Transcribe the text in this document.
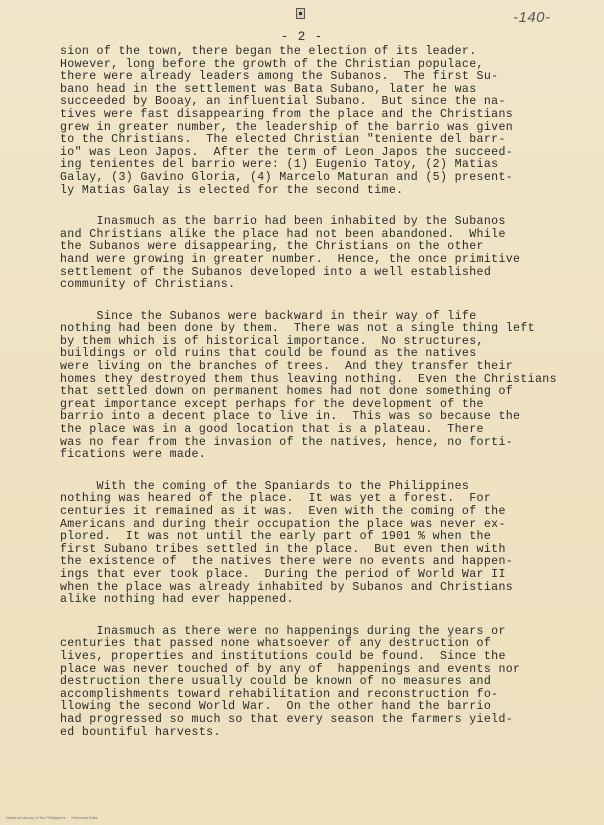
-140-
- 2 -
sion of the town, there began the election of its leader.
However, long before the growth of the Christian populace,
there were already leaders among the Subanos.  The first Su-
bano head in the settlement was Bata Subano, later he was
succeeded by Booay, an influential Subano.  But since the na-
tives were fast disappearing from the place and the Christians
grew in greater number, the leadership of the barrio was given
to the Christians.  The elected Christian "teniente del barr-
io" was Leon Japos.  After the term of Leon Japos the succeed-
ing tenientes del barrio were: (1) Eugenio Tatoy, (2) Matias
Galay, (3) Gavino Gloria, (4) Marcelo Maturan and (5) present-
ly Matias Galay is elected for the second time.
Inasmuch as the barrio had been inhabited by the Subanos
and Christians alike the place had not been abandoned.  While
the Subanos were disappearing, the Christians on the other
hand were growing in greater number.  Hence, the once primitive
settlement of the Subanos developed into a well established
community of Christians.
Since the Subanos were backward in their way of life
nothing had been done by them.  There was not a single thing left
by them which is of historical importance.  No structures,
buildings or old ruins that could be found as the natives
were living on the branches of trees.  And they transfer their
homes they destroyed them thus leaving nothing.  Even the Christians
that settled down on permanent homes had not done something of
great importance except perhaps for the development of the
barrio into a decent place to live in.  This was so because the
the place was in a good location that is a plateau.  There
was no fear from the invasion of the natives, hence, no forti-
fications were made.
With the coming of the Spaniards to the Philippines
nothing was heared of the place.  It was yet a forest.  For
centuries it remained as it was.  Even with the coming of the
Americans and during their occupation the place was never ex-
plored.  It was not until the early part of 1901 % when the
first Subano tribes settled in the place.  But even then with
the existence of  the natives there were no events and happen-
ings that ever took place.  During the period of World War II
when the place was already inhabited by Subanos and Christians
alike nothing had ever happened.
Inasmuch as there were no happenings during the years or
centuries that passed none whatsoever of any destruction of
lives, properties and institutions could be found.  Since the
place was never touched of by any of  happenings and events nor
destruction there usually could be known of no measures and
accomplishments toward rehabilitation and reconstruction fo-
llowing the second World War.  On the other hand the barrio
had progressed so much so that every season the farmers yield-
ed bountiful harvests.
National Library of the Philippines  ·  Historical Data
